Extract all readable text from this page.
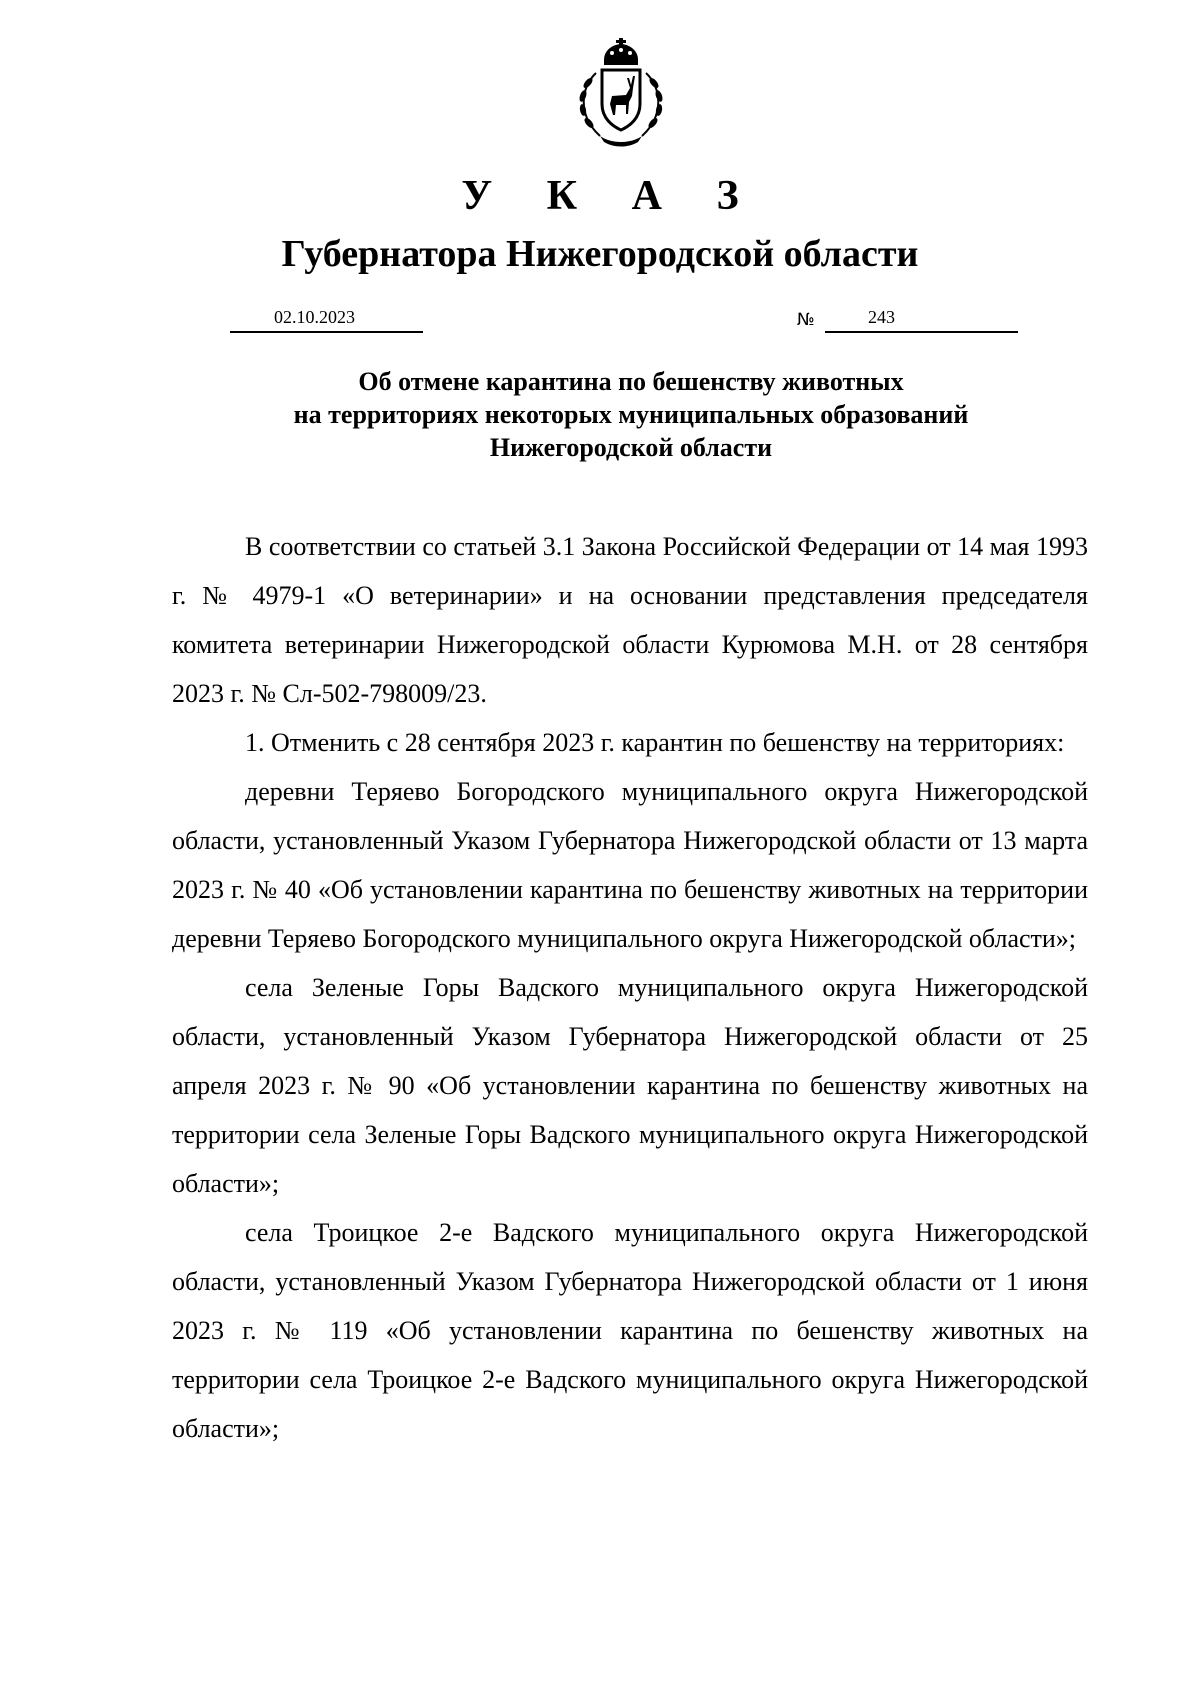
У К А З
Губернатора Нижегородской области
02.10.2023	№	243
Об отмене карантина по бешенству животных
на территориях некоторых муниципальных образований
Нижегородской области

В соответствии со статьей 3.1 Закона Российской Федерации от 14 мая 1993 г. № 4979-1 «О ветеринарии» и на основании представления председателя комитета ветеринарии Нижегородской области Курюмова М.Н. от 28 сентября 2023 г. № Сл-502-798009/23.

1. Отменить с 28 сентября 2023 г. карантин по бешенству на территориях:

деревни Теряево Богородского муниципального округа Нижегородской области, установленный Указом Губернатора Нижегородской области от 13 марта 2023 г. № 40 «Об установлении карантина по бешенству животных на территории деревни Теряево Богородского муниципального округа Нижегородской области»;

села Зеленые Горы Вадского муниципального округа Нижегородской области, установленный Указом Губернатора Нижегородской области от 25 апреля 2023 г. № 90 «Об установлении карантина по бешенству животных на территории села Зеленые Горы Вадского муниципального округа Нижегородской области»;

села Троицкое 2-е Вадского муниципального округа Нижегородской области, установленный Указом Губернатора Нижегородской области от 1 июня 2023 г. № 119 «Об установлении карантина по бешенству животных на территории села Троицкое 2-е Вадского муниципального округа Нижегородской области»;
